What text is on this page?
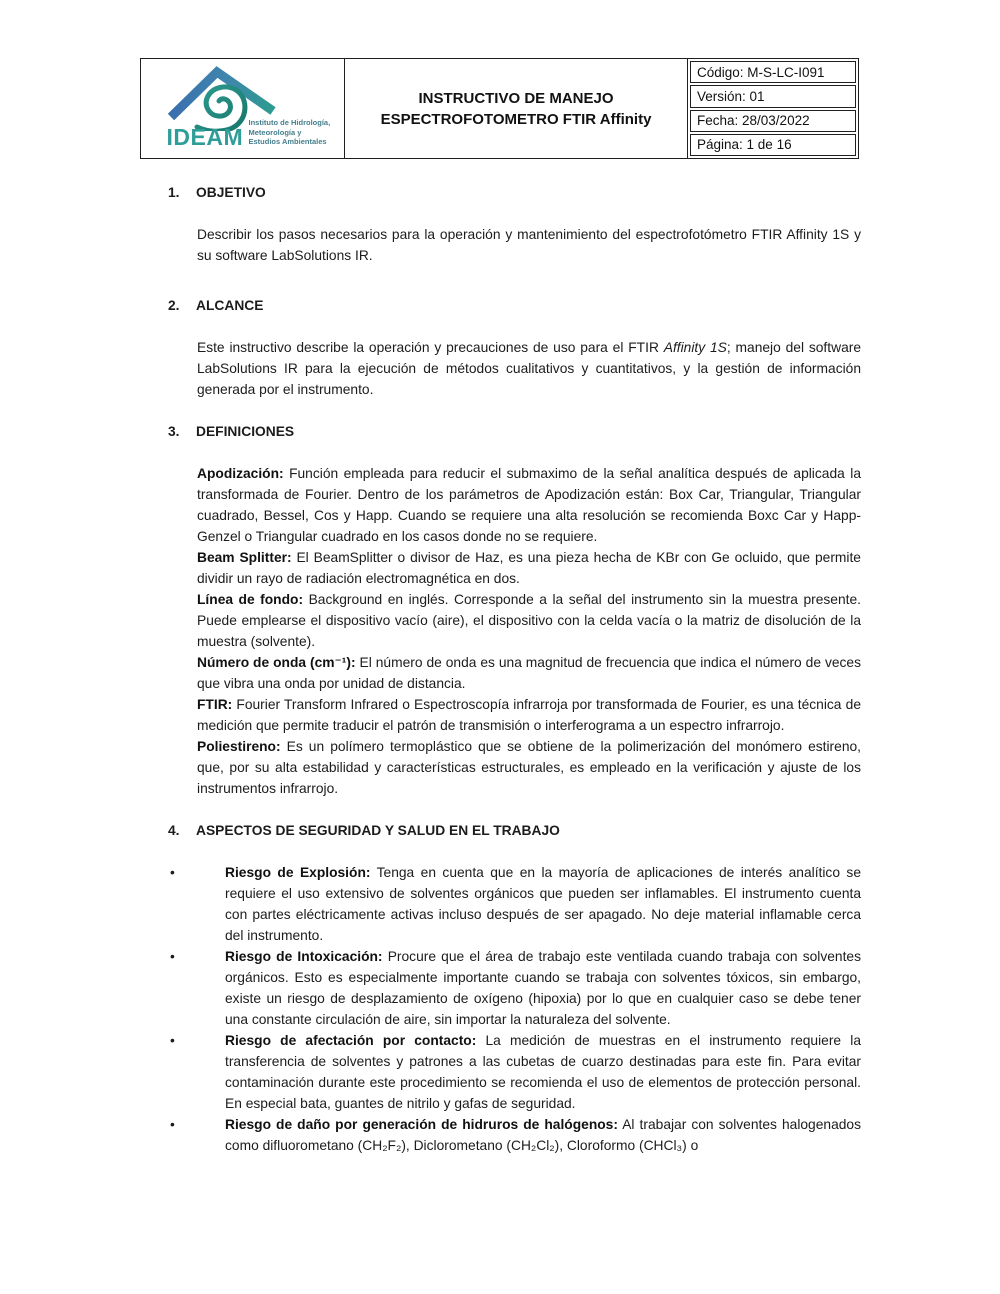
IDEAM
Instituto de Hidrología,
Meteorología y
Estudios Ambientales
INSTRUCTIVO DE MANEJO
ESPECTROFOTOMETRO FTIR Affinity
Código: M-S-LC-I091
Versión: 01
Fecha: 28/03/2022
Página: 1 de 16
1. OBJETIVO

Describir los pasos necesarios para la operación y mantenimiento del espectrofotómetro FTIR Affinity 1S y su software LabSolutions IR.

2. ALCANCE

Este instructivo describe la operación y precauciones de uso para el FTIR Affinity 1S; manejo del software LabSolutions IR para la ejecución de métodos cualitativos y cuantitativos, y la gestión de información generada por el instrumento.

3. DEFINICIONES

Apodización: Función empleada para reducir el submaximo de la señal analítica después de aplicada la transformada de Fourier. Dentro de los parámetros de Apodización están: Box Car, Triangular, Triangular cuadrado, Bessel, Cos y Happ. Cuando se requiere una alta resolución se recomienda Boxc Car y Happ-Genzel o Triangular cuadrado en los casos donde no se requiere.

Beam Splitter: El BeamSplitter o divisor de Haz, es una pieza hecha de KBr con Ge ocluido, que permite dividir un rayo de radiación electromagnética en dos.

Línea de fondo: Background en inglés. Corresponde a la señal del instrumento sin la muestra presente. Puede emplearse el dispositivo vacío (aire), el dispositivo con la celda vacía o la matriz de disolución de la muestra (solvente).

Número de onda (cm⁻¹): El número de onda es una magnitud de frecuencia que indica el número de veces que vibra una onda por unidad de distancia.

FTIR: Fourier Transform Infrared o Espectroscopía infrarroja por transformada de Fourier, es una técnica de medición que permite traducir el patrón de transmisión o interferograma a un espectro infrarrojo.

Poliestireno: Es un polímero termoplástico que se obtiene de la polimerización del monómero estireno, que, por su alta estabilidad y características estructurales, es empleado en la verificación y ajuste de los instrumentos infrarrojo.

4. ASPECTOS DE SEGURIDAD Y SALUD EN EL TRABAJO

•	Riesgo de Explosión: Tenga en cuenta que en la mayoría de aplicaciones de interés analítico se requiere el uso extensivo de solventes orgánicos que pueden ser inflamables. El instrumento cuenta con partes eléctricamente activas incluso después de ser apagado. No deje material inflamable cerca del instrumento.

•	Riesgo de Intoxicación: Procure que el área de trabajo este ventilada cuando trabaja con solventes orgánicos. Esto es especialmente importante cuando se trabaja con solventes tóxicos, sin embargo, existe un riesgo de desplazamiento de oxígeno (hipoxia) por lo que en cualquier caso se debe tener una constante circulación de aire, sin importar la naturaleza del solvente.

•	Riesgo de afectación por contacto: La medición de muestras en el instrumento requiere la transferencia de solventes y patrones a las cubetas de cuarzo destinadas para este fin. Para evitar contaminación durante este procedimiento se recomienda el uso de elementos de protección personal. En especial bata, guantes de nitrilo y gafas de seguridad.

•	Riesgo de daño por generación de hidruros de halógenos: Al trabajar con solventes halogenados como difluorometano (CH₂F₂), Diclorometano (CH₂Cl₂), Cloroformo (CHCl₃) o
